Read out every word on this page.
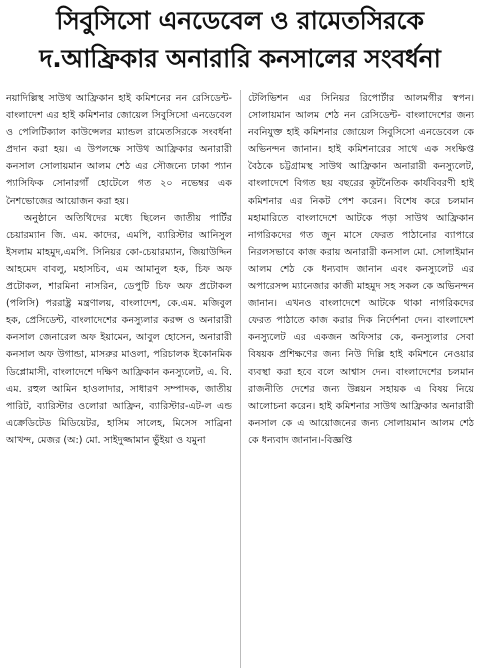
সিবুসিসো এনডেবেল ও রামেতসিরকে
দ.আফ্রিকার অনারারি কনসালের সংবর্ধনা

নয়াদিল্লিস্থ সাউথ আফ্রিকান হাই কমিশনের নন রেসিডেন্ট-বাংলাদেশ এর হাই কমিশনার জোয়েল সিবুসিসো এনডেবেল ও পেলিটিক্যাল কাউন্সেলর ম্যান্ডল রামেতসিরকে সংবর্ধনা প্রদান করা হয়। এ উপলক্ষে সাউথ আফ্রিকার অনারারী কনসাল সোলায়মান আলম শেঠ এর সৌজন্যে ঢাকা প্যান প্যাসিফিক সোনারগাঁ হোটেলে গত ২০ নভেম্বর এক নৈশভোজের আয়োজন করা হয়।

অনুষ্ঠানে অতিথিদের মধ্যে ছিলেন জাতীয় পার্টির চেয়ারম্যান জি. এম. কাদের, এমপি, ব্যারিস্টার আনিসুল ইসলাম মাহমুদ,এমপি. সিনিয়র কো-চেয়ারম্যান, জিয়াউদ্দিন আহমেদ বাবলু, মহাসচিব, এম আমানুল হক, চিফ অফ প্রটোকল, শারমিনা নাসরিন, ডেপুটি চিফ অফ প্রটোকল (পলিসি) পররাষ্ট্র মন্ত্রণালয়, বাংলাদেশ, কে.এম. মজিবুল হক, প্রেসিডেন্ট, বাংলাদেশের কনস্যুলার করপ্স ও অনারারী কনসাল জেনারেল অফ ইয়ামেন, আবুল হোসেন, অনারারী কনসাল অফ উগান্ডা, মাসরুর মাওলা, পরিচালক ইকোনমিক ডিপ্লোমাসী, বাংলাদেশে দক্ষিণ আফ্রিকান কনস্যুলেট, এ. বি. এম. রহুল আমিন হাওলাদার, সাধারণ সম্পাদক, জাতীয় পারিট, ব্যারিস্টার ওলোরা আফ্রিন, ব্যারিস্টার-এট-ল এন্ড এক্রেডিটেড মিডিয়েটর, হাসিম সালেহ, মিসেস সাব্রিনা আখন্দ, মেজর (অ:) মো. সাইদুজ্জামান ভুঁইয়া ও যমুনা

টেলিভিশন এর সিনিয়র রিপোর্টার আলমগীর স্বপন। সোলায়মান আলম শেঠ নন রেসিডেন্ট- বাংলাদেশের জন্য নবনিযুক্ত হাই কমিশনার জোয়েল সিবুসিসো এনডেবেল কে অভিনন্দন জানান। হাই কমিশনারের সাথে এক সংক্ষিপ্ত বৈঠকে চট্টগ্রামস্থ সাউথ আফ্রিকান অনারারী কনস্যুলেট, বাংলাদেশে বিগত ছয় বছরের কূটনৈতিক কার্যবিবরণী হাই কমিশনার এর নিকট পেশ করেন। বিশেষ করে চলমান মহামারিতে বাংলাদেশে আটকে পড়া সাউথ আফ্রিকান নাগরিকদের গত জুন মাসে ফেরত পাঠানোর ব্যাপারে নিরলসভাবে কাজ করায় অনারারী কনসাল মো. সোলাইমান আলম শেঠ কে ধন্যবাদ জানান এবং কনস্যুলেট এর অপারেসন্স ম্যানেজার কাজী মাহমুদ সহ সকল কে অভিনন্দন জানান। এখনও বাংলাদেশে আটকে থাকা নাগরিকদের ফেরত পাঠাতে কাজ করার দিক নির্দেশনা দেন। বাংলাদেশ কনস্যুলেট এর একজন অফিসার কে, কনস্যুলার সেবা বিষয়ক প্রশিক্ষণের জন্য নিউ দিল্লি হাই কমিশনে নেওয়ার ব্যবস্থা করা হবে বলে আশ্বাস দেন। বাংলাদেশের চলমান রাজনীতি দেশের জন্য উন্নয়ন সহায়ক এ বিষয় নিয়ে আলোচনা করেন। হাই কমিশনার সাউথ আফ্রিকার অনারারী কনসাল কে এ আয়োজনের জন্য সোলায়মান আলম শেঠ কে ধন্যবাদ জানান।-বিজ্ঞপ্তি
